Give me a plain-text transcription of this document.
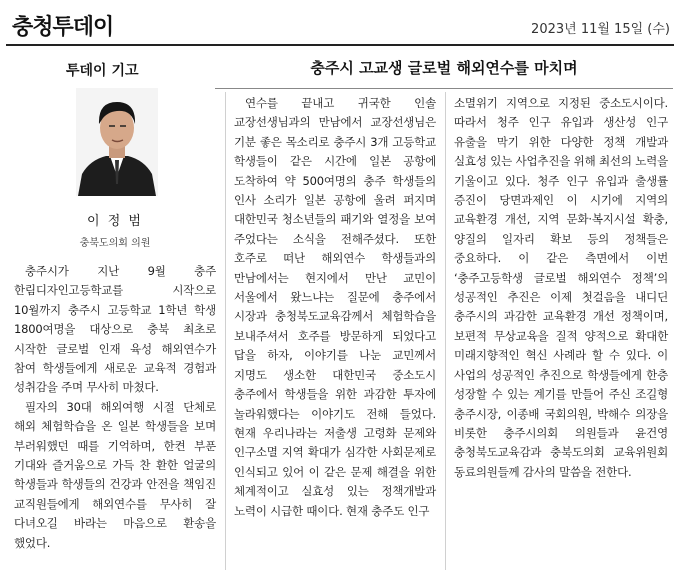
충청투데이	2023년 11월 15일 (수)
투데이 기고	충주시 고교생 글로벌 해외연수를 마치며
이 정 범
충북도의회 의원

충주시가 지난 9월 충주 한림디자인고등학교를 시작으로 10월까지 충주시 고등학교 1학년 학생 1800여명을 대상으로 충북 최초로 시작한 글로벌 인재 육성 해외연수가 참여 학생들에게 새로운 교육적 경험과 성취감을 주며 무사히 마쳤다.

필자의 30대 해외여행 시절 단체로 해외 체험학습을 온 일본 학생들을 보며 부러워했던 때를 기억하며, 한켠 부푼 기대와 즐거움으로 가득 찬 환한 얼굴의 학생들과 학생들의 건강과 안전을 책임진 교직원들에게 해외연수를 무사히 잘 다녀오길 바라는 마음으로 환송을 했었다.

연수를 끝내고 귀국한 인솔 교장선생님과의 만남에서 교장선생님은 기분 좋은 목소리로 충주시 3개 고등학교 학생들이 같은 시간에 일본 공항에 도착하여 약 500여명의 충주 학생들의 인사 소리가 일본 공항에 울려 퍼지며 대한민국 청소년들의 패기와 열정을 보여 주었다는 소식을 전해주셨다. 또한 호주로 떠난 해외연수 학생들과의 만남에서는 현지에서 만난 교민이 서울에서 왔느냐는 질문에 충주에서 시장과 충청북도교육감께서 체험학습을 보내주셔서 호주를 방문하게 되었다고 답을 하자, 이야기를 나눈 교민께서 지명도 생소한 대한민국 중소도시 충주에서 학생들을 위한 과감한 투자에 놀라워했다는 이야기도 전해 들었다. 현재 우리나라는 저출생 고령화 문제와 인구소멸 지역 확대가 심각한 사회문제로 인식되고 있어 이 같은 문제 해결을 위한 체계적이고 실효성 있는 정책개발과 노력이 시급한 때이다. 현재 충주도 인구

소멸위기 지역으로 지정된 중소도시이다. 따라서 청주 인구 유입과 생산성 인구 유출을 막기 위한 다양한 정책 개발과 실효성 있는 사업추진을 위해 최선의 노력을 기울이고 있다. 청주 인구 유입과 출생률 증진이 당면과제인 이 시기에 지역의 교육환경 개선, 지역 문화·복지시설 확충, 양질의 일자리 확보 등의 정책들은 중요하다. 이 같은 측면에서 이번 ‘충주고등학생 글로벌 해외연수 정책’의 성공적인 추진은 이제 첫걸음을 내디딘 충주시의 과감한 교육환경 개선 정책이며, 보편적 무상교육을 질적 양적으로 확대한 미래지향적인 혁신 사례라 할 수 있다. 이 사업의 성공적인 추진으로 학생들에게 한층 성장할 수 있는 계기를 만들어 주신 조길형 충주시장, 이종배 국회의원, 박해수 의장을 비롯한 충주시의회 의원들과 윤건영 충청북도교육감과 충북도의회 교육위원회 동료의원들께 감사의 말씀을 전한다.
